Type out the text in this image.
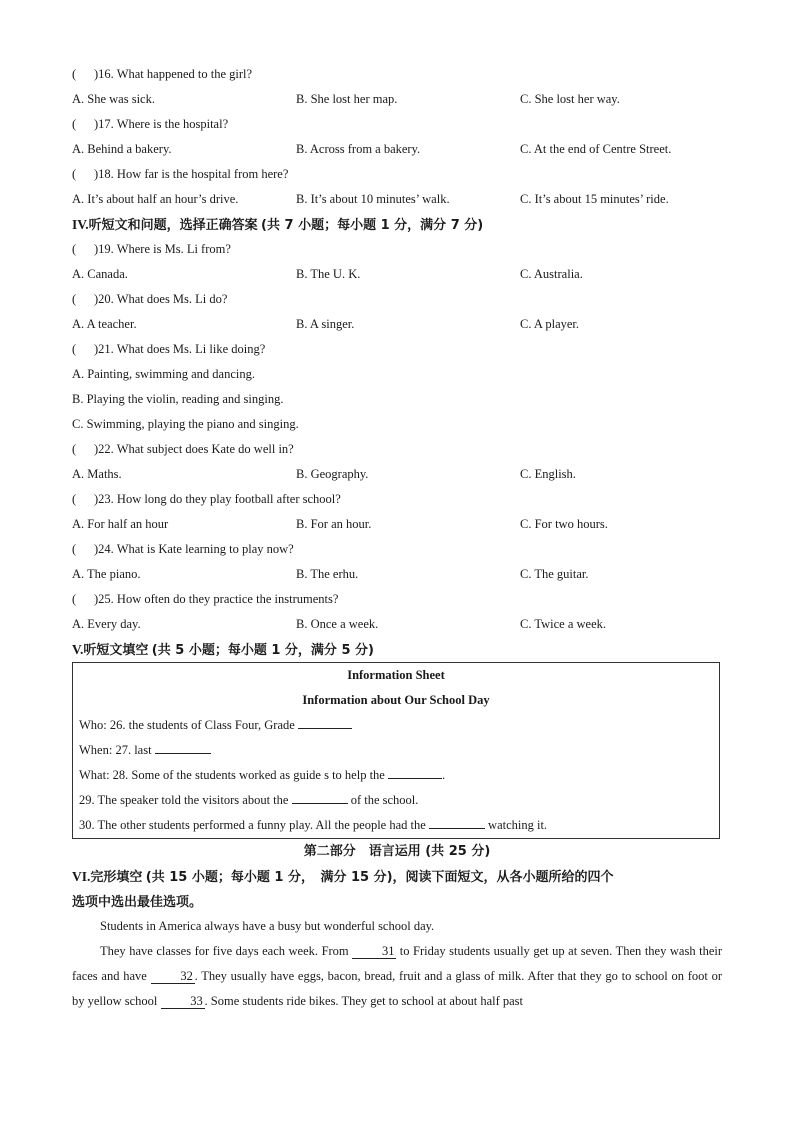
( )16. What happened to the girl?
A. She was sick.	B. She lost her map.	C. She lost her way.
( )17. Where is the hospital?
A. Behind a bakery.	B. Across from a bakery.	C. At the end of Centre Street.
( )18. How far is the hospital from here?
A. It’s about half an hour’s drive.	B. It’s about 10 minutes’ walk.	C. It’s about 15 minutes’ ride.
IV.听短文和问题，选择正确答案 (共 7 小题；每小题 1 分，满分 7 分)
( )19. Where is Ms. Li from?
A. Canada.	B. The U. K.	C. Australia.
( )20. What does Ms. Li do?
A. A teacher.	B. A singer.	C. A player.
( )21. What does Ms. Li like doing?
A. Painting, swimming and dancing.
B. Playing the violin, reading and singing.
C. Swimming, playing the piano and singing.
( )22. What subject does Kate do well in?
A. Maths.	B. Geography.	C. English.
( )23. How long do they play football after school?
A. For half an hour	B. For an hour.	C. For two hours.
( )24. What is Kate learning to play now?
A. The piano.	B. The erhu.	C. The guitar.
( )25. How often do they practice the instruments?
A. Every day.	B. Once a week.	C. Twice a week.
V.听短文填空 (共 5 小题；每小题 1 分，满分 5 分)
Information Sheet
Information about Our School Day
Who: 26. the students of Class Four, Grade
When: 27. last
What: 28. Some of the students worked as guide s to help the	.
29. The speaker told the visitors about the	of the school.
30. The other students performed a funny play. All the people had the	watching it.
第二部分　语言运用 (共 25 分)
VI.完形填空 (共 15 小题；每小题 1 分，　满分 15 分)，阅读下面短文，从各小题所给的四个
选项中选出最佳选项。
Students in America always have a busy but wonderful school day.
They have classes for five days each week. From	31 to Friday students usually get up at seven. Then they wash their faces and have	32 . They usually have eggs, bacon, bread, fruit and a glass of milk. After that they go to school on foot or by yellow school	33 . Some students ride bikes. They get to school at about half past
